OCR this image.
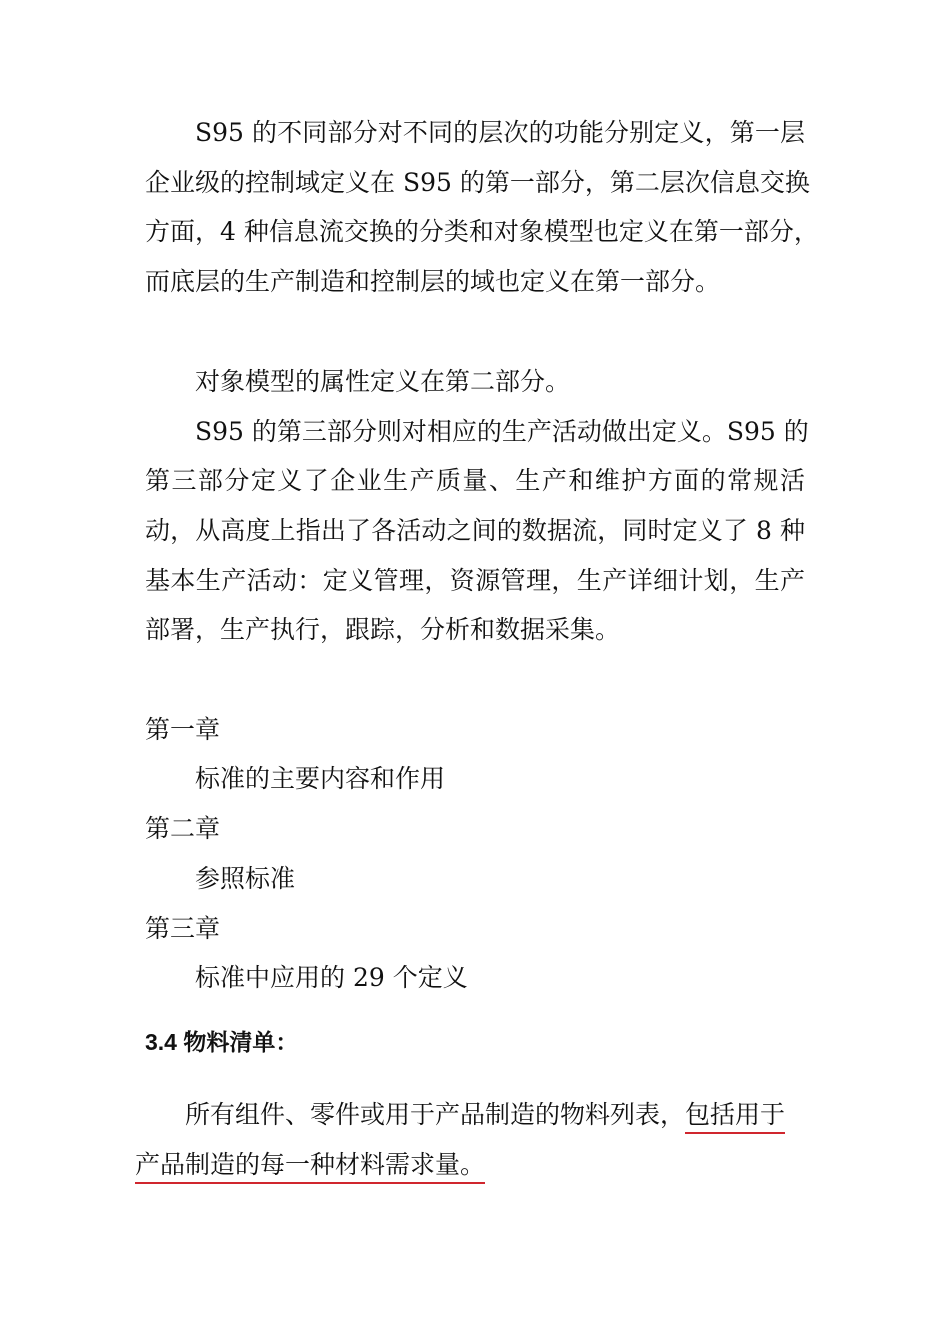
S95 的不同部分对不同的层次的功能分别定义，第一层
企业级的控制域定义在 S95 的第一部分，第二层次信息交换
方面，4 种信息流交换的分类和对象模型也定义在第一部分，
而底层的生产制造和控制层的域也定义在第一部分。
对象模型的属性定义在第二部分。
S95 的第三部分则对相应的生产活动做出定义。S95 的
第三部分定义了企业生产质量、生产和维护方面的常规活
动，从高度上指出了各活动之间的数据流，同时定义了 8 种
基本生产活动：定义管理，资源管理，生产详细计划，生产
部署，生产执行，跟踪，分析和数据采集。
第一章
标准的主要内容和作用
第二章
参照标准
第三章
标准中应用的 29 个定义
3.4 物料清单：
所有组件、零件或用于产品制造的物料列表，包括用于
产品制造的每一种材料需求量。
